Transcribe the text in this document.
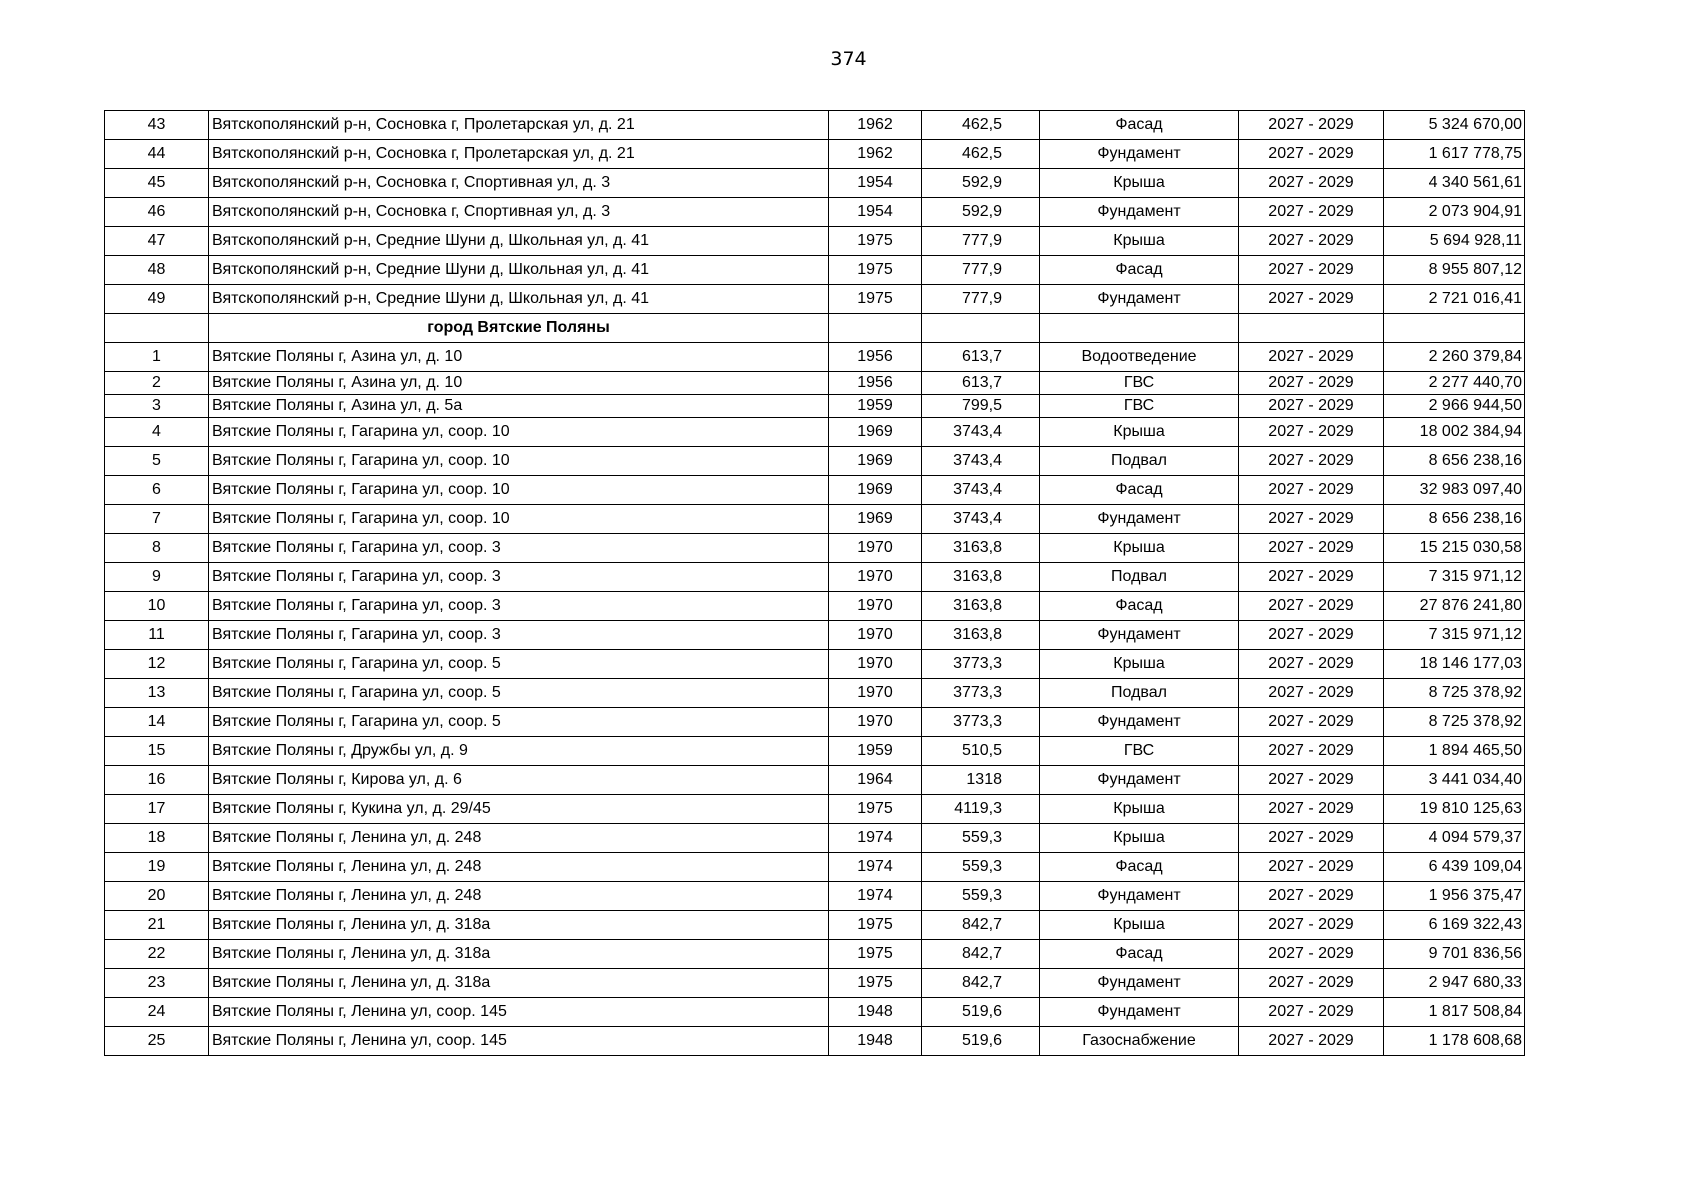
374
43	Вятскополянский р-н, Сосновка г, Пролетарская ул, д. 21	1962	462,5	Фасад	2027 - 2029	5 324 670,00
44	Вятскополянский р-н, Сосновка г, Пролетарская ул, д. 21	1962	462,5	Фундамент	2027 - 2029	1 617 778,75
45	Вятскополянский р-н, Сосновка г, Спортивная ул, д. 3	1954	592,9	Крыша	2027 - 2029	4 340 561,61
46	Вятскополянский р-н, Сосновка г, Спортивная ул, д. 3	1954	592,9	Фундамент	2027 - 2029	2 073 904,91
47	Вятскополянский р-н, Средние Шуни д, Школьная ул, д. 41	1975	777,9	Крыша	2027 - 2029	5 694 928,11
48	Вятскополянский р-н, Средние Шуни д, Школьная ул, д. 41	1975	777,9	Фасад	2027 - 2029	8 955 807,12
49	Вятскополянский р-н, Средние Шуни д, Школьная ул, д. 41	1975	777,9	Фундамент	2027 - 2029	2 721 016,41
	город Вятские Поляны					
1	Вятские Поляны г, Азина ул, д. 10	1956	613,7	Водоотведение	2027 - 2029	2 260 379,84
2	Вятские Поляны г, Азина ул, д. 10	1956	613,7	ГВС	2027 - 2029	2 277 440,70
3	Вятские Поляны г, Азина ул, д. 5а	1959	799,5	ГВС	2027 - 2029	2 966 944,50
4	Вятские Поляны г, Гагарина ул, соор. 10	1969	3743,4	Крыша	2027 - 2029	18 002 384,94
5	Вятские Поляны г, Гагарина ул, соор. 10	1969	3743,4	Подвал	2027 - 2029	8 656 238,16
6	Вятские Поляны г, Гагарина ул, соор. 10	1969	3743,4	Фасад	2027 - 2029	32 983 097,40
7	Вятские Поляны г, Гагарина ул, соор. 10	1969	3743,4	Фундамент	2027 - 2029	8 656 238,16
8	Вятские Поляны г, Гагарина ул, соор. 3	1970	3163,8	Крыша	2027 - 2029	15 215 030,58
9	Вятские Поляны г, Гагарина ул, соор. 3	1970	3163,8	Подвал	2027 - 2029	7 315 971,12
10	Вятские Поляны г, Гагарина ул, соор. 3	1970	3163,8	Фасад	2027 - 2029	27 876 241,80
11	Вятские Поляны г, Гагарина ул, соор. 3	1970	3163,8	Фундамент	2027 - 2029	7 315 971,12
12	Вятские Поляны г, Гагарина ул, соор. 5	1970	3773,3	Крыша	2027 - 2029	18 146 177,03
13	Вятские Поляны г, Гагарина ул, соор. 5	1970	3773,3	Подвал	2027 - 2029	8 725 378,92
14	Вятские Поляны г, Гагарина ул, соор. 5	1970	3773,3	Фундамент	2027 - 2029	8 725 378,92
15	Вятские Поляны г, Дружбы ул, д. 9	1959	510,5	ГВС	2027 - 2029	1 894 465,50
16	Вятские Поляны г, Кирова ул, д. 6	1964	1318	Фундамент	2027 - 2029	3 441 034,40
17	Вятские Поляны г, Кукина ул, д. 29/45	1975	4119,3	Крыша	2027 - 2029	19 810 125,63
18	Вятские Поляны г, Ленина ул, д. 248	1974	559,3	Крыша	2027 - 2029	4 094 579,37
19	Вятские Поляны г, Ленина ул, д. 248	1974	559,3	Фасад	2027 - 2029	6 439 109,04
20	Вятские Поляны г, Ленина ул, д. 248	1974	559,3	Фундамент	2027 - 2029	1 956 375,47
21	Вятские Поляны г, Ленина ул, д. 318а	1975	842,7	Крыша	2027 - 2029	6 169 322,43
22	Вятские Поляны г, Ленина ул, д. 318а	1975	842,7	Фасад	2027 - 2029	9 701 836,56
23	Вятские Поляны г, Ленина ул, д. 318а	1975	842,7	Фундамент	2027 - 2029	2 947 680,33
24	Вятские Поляны г, Ленина ул, соор. 145	1948	519,6	Фундамент	2027 - 2029	1 817 508,84
25	Вятские Поляны г, Ленина ул, соор. 145	1948	519,6	Газоснабжение	2027 - 2029	1 178 608,68
